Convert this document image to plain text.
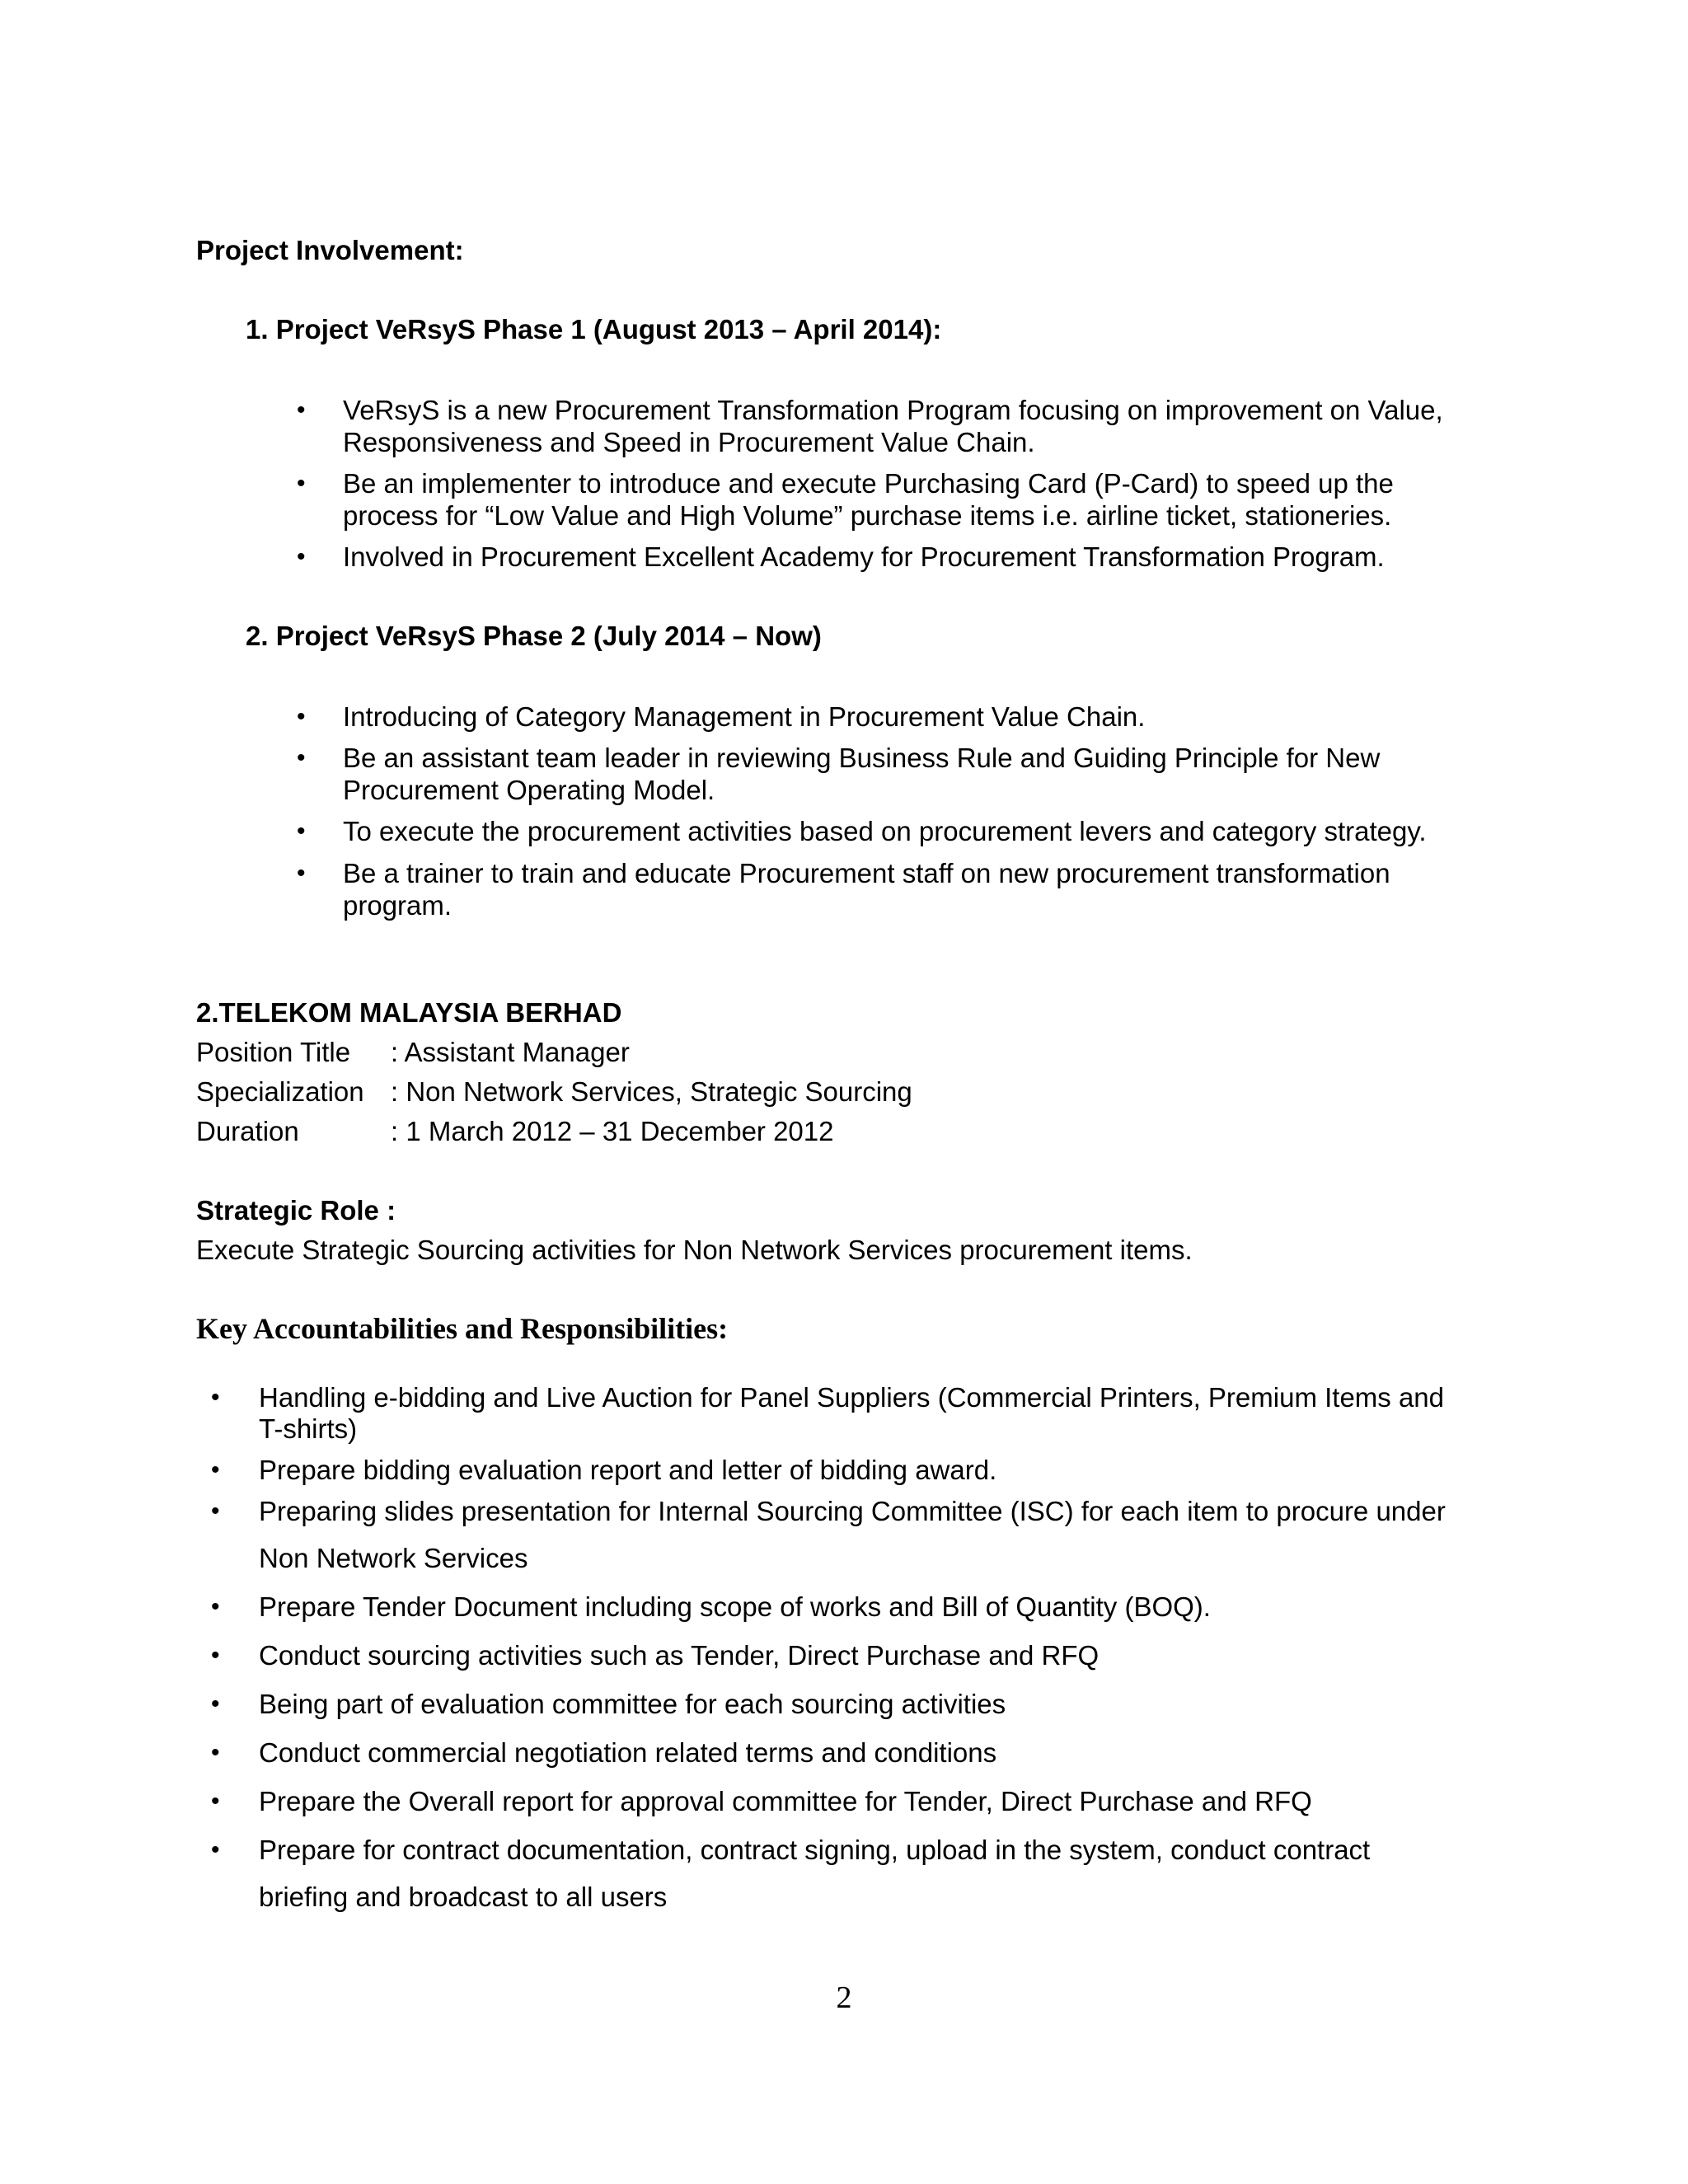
Project Involvement:
1. Project VeRsyS Phase 1 (August 2013 – April 2014):
• VeRsyS is a new Procurement Transformation Program focusing on improvement on Value,
Responsiveness and Speed in Procurement Value Chain.
• Be an implementer to introduce and execute Purchasing Card (P-Card) to speed up the
process for “Low Value and High Volume” purchase items i.e. airline ticket, stationeries.
• Involved in Procurement Excellent Academy for Procurement Transformation Program.
2. Project VeRsyS Phase 2 (July 2014 – Now)
• Introducing of Category Management in Procurement Value Chain.
• Be an assistant team leader in reviewing Business Rule and Guiding Principle for New
Procurement Operating Model.
• To execute the procurement activities based on procurement levers and category strategy.
• Be a trainer to train and educate Procurement staff on new procurement transformation
program.
2.TELEKOM MALAYSIA BERHAD
Position Title : Assistant Manager
Specialization : Non Network Services, Strategic Sourcing
Duration	: 1 March 2012 – 31 December 2012
Strategic Role :
Execute Strategic Sourcing activities for Non Network Services procurement items.
Key Accountabilities and Responsibilities:
• Handling e-bidding and Live Auction for Panel Suppliers (Commercial Printers, Premium Items and
T-shirts)
• Prepare bidding evaluation report and letter of bidding award.
• Preparing slides presentation for Internal Sourcing Committee (ISC) for each item to procure under
Non Network Services
• Prepare Tender Document including scope of works and Bill of Quantity (BOQ).
• Conduct sourcing activities such as Tender, Direct Purchase and RFQ
• Being part of evaluation committee for each sourcing activities
• Conduct commercial negotiation related terms and conditions
• Prepare the Overall report for approval committee for Tender, Direct Purchase and RFQ
• Prepare for contract documentation, contract signing, upload in the system, conduct contract
briefing and broadcast to all users
2
